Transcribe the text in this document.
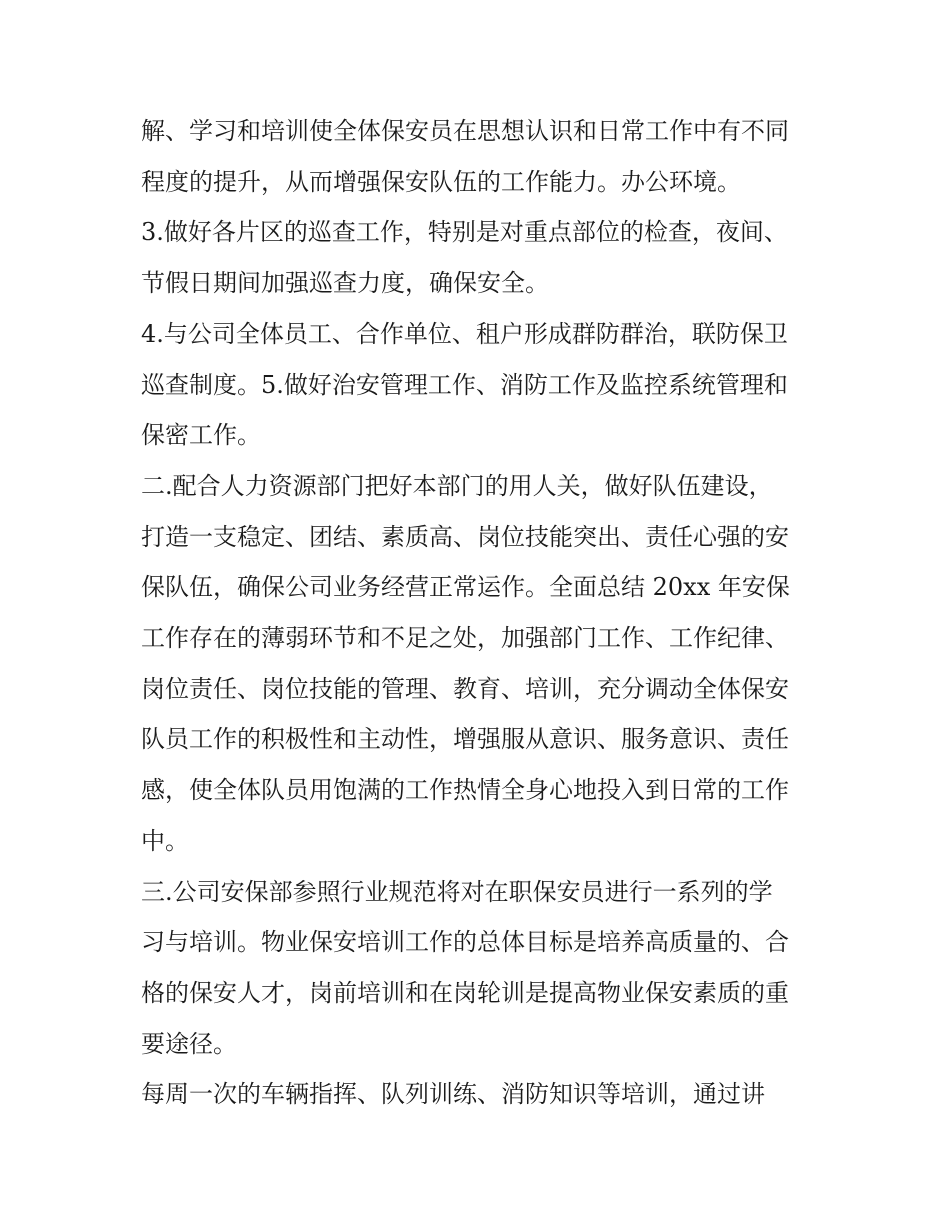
解、学习和培训使全体保安员在思想认识和日常工作中有不同
程度的提升，从而增强保安队伍的工作能力。办公环境。
3.做好各片区的巡查工作，特别是对重点部位的检查，夜间、
节假日期间加强巡查力度，确保安全。
4.与公司全体员工、合作单位、租户形成群防群治，联防保卫
巡查制度。5.做好治安管理工作、消防工作及监控系统管理和
保密工作。
二.配合人力资源部门把好本部门的用人关，做好队伍建设，
打造一支稳定、团结、素质高、岗位技能突出、责任心强的安
保队伍，确保公司业务经营正常运作。全面总结 20xx 年安保
工作存在的薄弱环节和不足之处，加强部门工作、工作纪律、
岗位责任、岗位技能的管理、教育、培训，充分调动全体保安
队员工作的积极性和主动性，增强服从意识、服务意识、责任
感，使全体队员用饱满的工作热情全身心地投入到日常的工作
中。
三.公司安保部参照行业规范将对在职保安员进行一系列的学
习与培训。物业保安培训工作的总体目标是培养高质量的、合
格的保安人才，岗前培训和在岗轮训是提高物业保安素质的重
要途径。
每周一次的车辆指挥、队列训练、消防知识等培训，通过讲
